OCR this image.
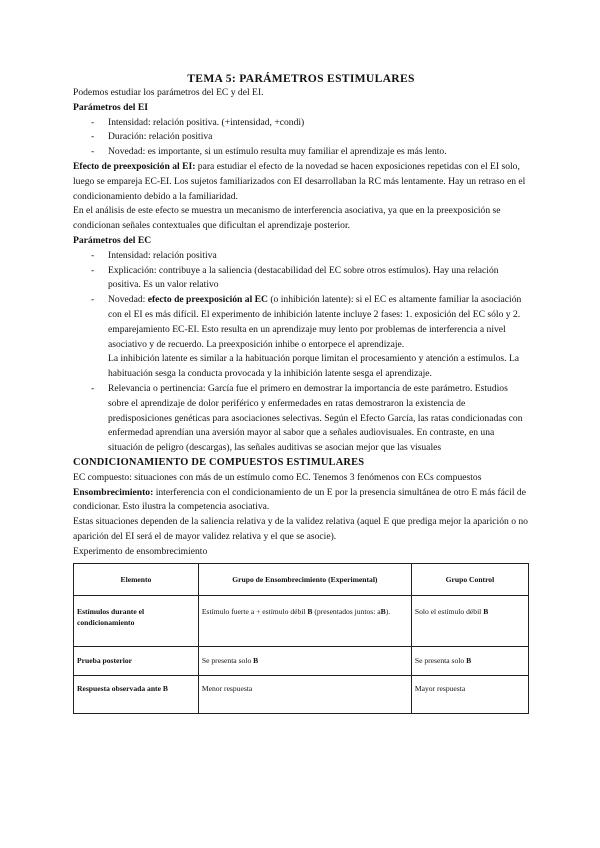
TEMA 5: PARÁMETROS ESTIMULARES

Podemos estudiar los parámetros del EC y del EI.

Parámetros del EI

- Intensidad: relación positiva. (+intensidad, +condi)
- Duración: relación positiva
- Novedad: es importante, si un estímulo resulta muy familiar el aprendizaje es más lento.

Efecto de preexposición al EI: para estudiar el efecto de la novedad se hacen exposiciones repetidas con el EI solo, luego se empareja EC-EI. Los sujetos familiarizados con EI desarrollaban la RC más lentamente. Hay un retraso en el condicionamiento debido a la familiaridad.

En el análisis de este efecto se muestra un mecanismo de interferencia asociativa, ya que en la preexposición se condicionan señales contextuales que dificultan el aprendizaje posterior.

Parámetros del EC

- Intensidad: relación positiva
- Explicación: contribuye a la saliencia (destacabilidad del EC sobre otros estímulos). Hay una relación positiva. Es un valor relativo
- Novedad: efecto de preexposición al EC (o inhibición latente): si el EC es altamente familiar la asociación con el EI es más difícil. El experimento de inhibición latente incluye 2 fases: 1. exposición del EC sólo y 2. emparejamiento EC-EI. Esto resulta en un aprendizaje muy lento por problemas de interferencia a nivel asociativo y de recuerdo. La preexposición inhibe o entorpece el aprendizaje.
La inhibición latente es similar a la habituación porque limitan el procesamiento y atención a estímulos. La habituación sesga la conducta provocada y la inhibición latente sesga el aprendizaje.
- Relevancia o pertinencia: García fue el primero en demostrar la importancia de este parámetro. Estudios sobre el aprendizaje de dolor periférico y enfermedades en ratas demostraron la existencia de predisposiciones genéticas para asociaciones selectivas. Según el Efecto García, las ratas condicionadas con enfermedad aprendían una aversión mayor al sabor que a señales audiovisuales. En contraste, en una situación de peligro (descargas), las señales auditivas se asocian mejor que las visuales

CONDICIONAMIENTO DE COMPUESTOS ESTIMULARES

EC compuesto: situaciones con más de un estímulo como EC. Tenemos 3 fenómenos con ECs compuestos

Ensombrecimiento: interferencia con el condicionamiento de un E por la presencia simultánea de otro E más fácil de condicionar. Esto ilustra la competencia asociativa.

Estas situaciones dependen de la saliencia relativa y de la validez relativa (aquel E que prediga mejor la aparición o no aparición del EI será el de mayor validez relativa y el que se asocie).

Experimento de ensombrecimiento

Elemento	Grupo de Ensombrecimiento (Experimental)	Grupo Control
Estímulos durante el condicionamiento	Estímulo fuerte a + estímulo débil B (presentados juntos: aB).	Solo el estímulo débil B
Prueba posterior	Se presenta solo B	Se presenta solo B
Respuesta observada ante B	Menor respuesta	Mayor respuesta
